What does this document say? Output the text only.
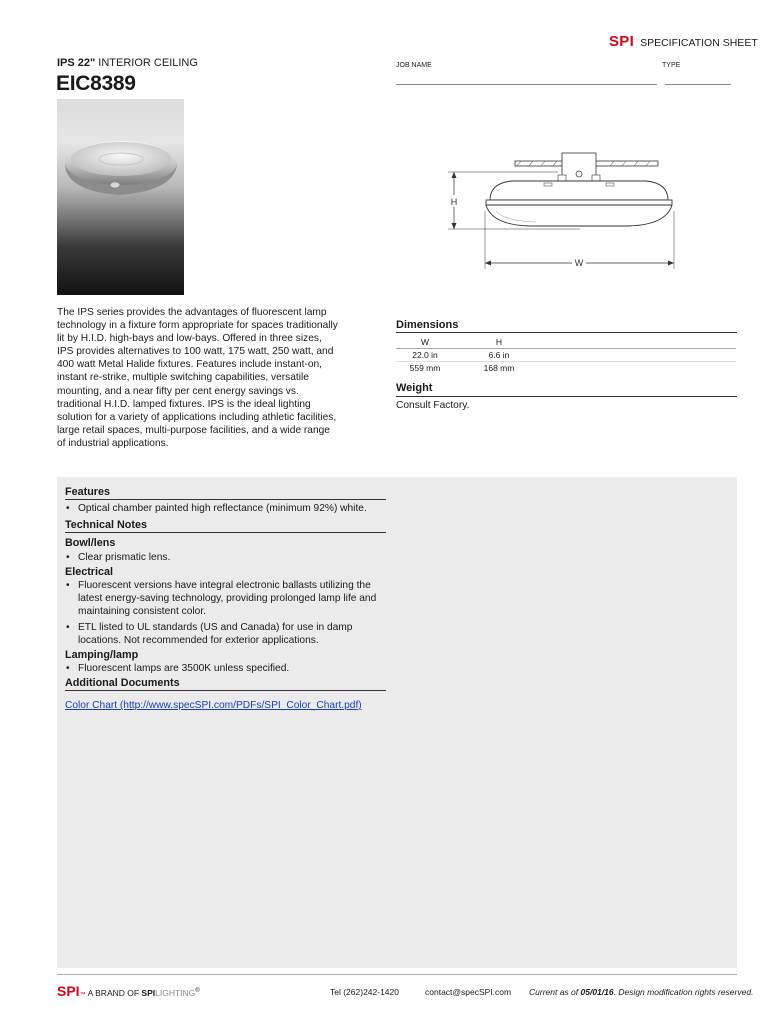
SPI SPECIFICATION SHEET
IPS 22" INTERIOR CEILING
EIC8389
JOB NAME	TYPE
The IPS series provides the advantages of fluorescent lamp technology in a fixture form appropriate for spaces traditionally lit by H.I.D. high-bays and low-bays. Offered in three sizes, IPS provides alternatives to 100 watt, 175 watt, 250 watt, and 400 watt Metal Halide fixtures. Features include instant-on, instant re-strike, multiple switching capabilities, versatile mounting, and a near fifty per cent energy savings vs. traditional H.I.D. lamped fixtures. IPS is the ideal lighting solution for a variety of applications including athletic facilities, large retail spaces, multi-purpose facilities, and a wide range of industrial applications.
H
W
Dimensions
W	H
22.0 in	6.6 in
559 mm	168 mm
Weight
Consult Factory.
Features
• Optical chamber painted high reflectance (minimum 92%) white.
Technical Notes
Bowl/lens
• Clear prismatic lens.
Electrical
• Fluorescent versions have integral electronic ballasts utilizing the latest energy-saving technology, providing prolonged lamp life and maintaining consistent color.
• ETL listed to UL standards (US and Canada) for use in damp locations. Not recommended for exterior applications.
Lamping/lamp
• Fluorescent lamps are 3500K unless specified.
Additional Documents
Color Chart (http://www.specSPI.com/PDFs/SPI_Color_Chart.pdf)
SPI ™ A BRAND OF SPILIGHTING®	Tel (262)242-1420	contact@specSPI.com Current as of 05/01/16. Design modification rights reserved.
